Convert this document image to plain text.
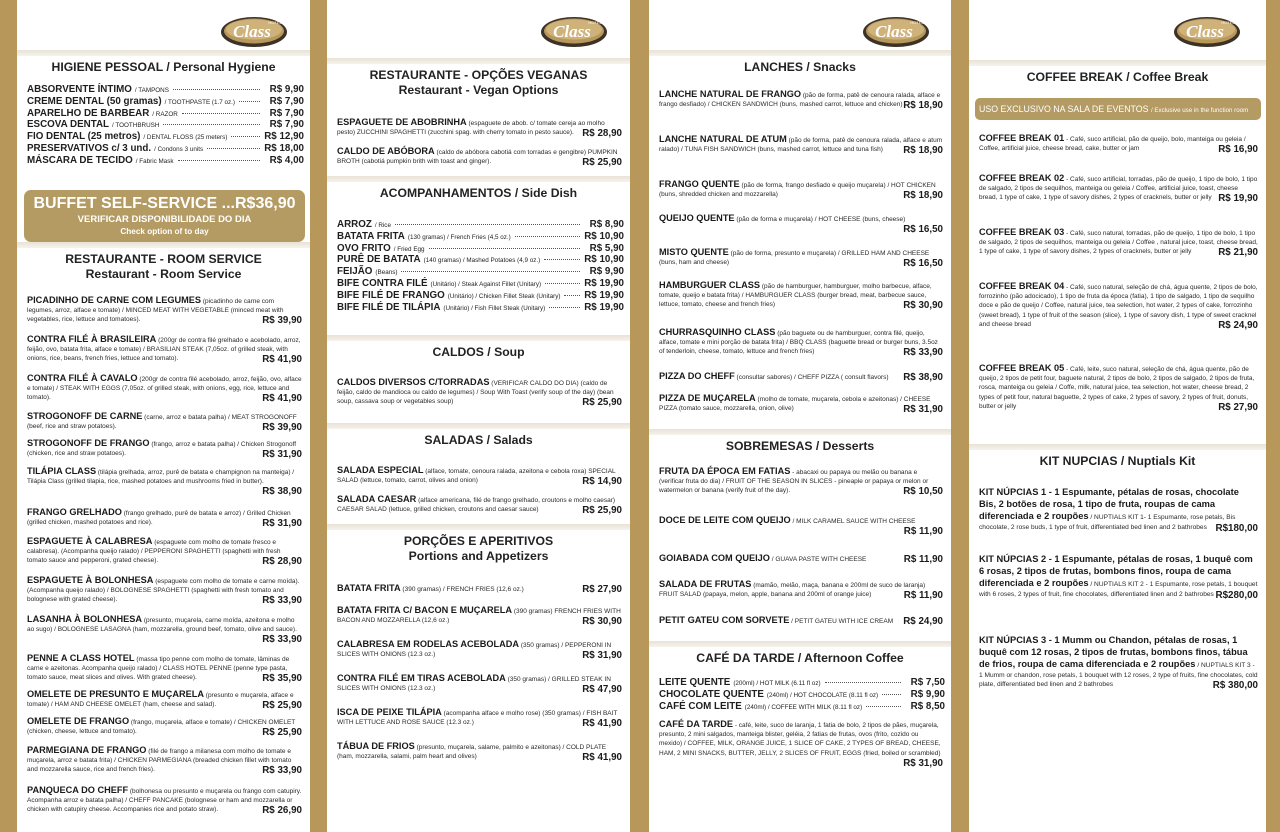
Class
HOTEL
HIGIENE PESSOAL / Personal Hygiene
ABSORVENTE ÍNTIMO / TAMPONS	R$ 9,90
CREME DENTAL (50 gramas) / TOOTHPASTE (1.7 oz.)	R$ 7,90
APARELHO DE BARBEAR / RAZOR	R$ 7,90
ESCOVA DENTAL / TOOTHBRUSH	R$ 7,90
FIO DENTAL (25 metros) / DENTAL FLOSS (25 meters)	R$ 12,90
PRESERVATIVOS c/ 3 und. / Condons 3 units	R$ 18,00
MÁSCARA DE TECIDO / Fabric Mask	R$ 4,00
BUFFET SELF-SERVICE ...R$36,90
VERIFICAR DISPONIBILIDADE DO DIA
Check option of to day
RESTAURANTE - ROOM SERVICE
Restaurant - Room Service
PICADINHO DE CARNE COM LEGUMES (picadinho de carne com legumes, arroz, alface e tomate) / MINCED MEAT WITH VEGETABLE (minced meat with vegetables, rice, lettuce and tomatoes).	R$ 39,90
CONTRA FILÉ À BRASILEIRA (200gr de contra filé grelhado e acebolado, arroz, feijão, ovo, batata frita, alface e tomate) / BRASILIAN STEAK (7,05oz. of grilled steak, with onions, rice, beans, french fries, lettuce and tomato).	R$ 41,90
CONTRA FILÉ À CAVALO (200gr de contra filé acebolado, arroz, feijão, ovo, alface e tomate) / STEAK WITH EGGS (7,05oz. of grilled steak, with onions, egg, rice, lettuce and tomato).	R$ 41,90
STROGONOFF DE CARNE (carne, arroz e batata palha) / MEAT STROGONOFF (beef, rice and straw potatoes).	R$ 39,90
STROGONOFF DE FRANGO (frango, arroz e batata palha) / Chicken Strogonoff (chicken, rice and straw potatoes).	R$ 31,90
TILÁPIA CLASS (tilápia grelhada, arroz, purê de batata e champignon na manteiga) / Tilápia Class (grilled tilapia, rice, mashed potatoes and mushrooms fried in butter).
R$ 38,90
FRANGO GRELHADO (frango grelhado, purê de batata e arroz) / Grilled Chicken (grilled chicken, mashed potatoes and rice).	R$ 31,90
ESPAGUETE À CALABRESA (espaguete com molho de tomate fresco e calabresa). (Acompanha queijo ralado) / PEPPERONI SPAGHETTI (spaghetti with fresh tomato sauce and pepperoni, grated cheese).	R$ 28,90
ESPAGUETE À BOLONHESA (espaguete com molho de tomate e carne moída). (Acompanha queijo ralado) / BOLOGNESE SPAGHETTI (spaghetti with fresh tomato and bolognese with grated cheese).	R$ 33,90
LASANHA À BOLONHESA (presunto, muçarela, carne moída, azeitona e molho ao sugo) / BOLOGNESE LASAGNA (ham, mozzarella, ground beef, tomato, olive and sauce).
R$ 33,90
PENNE A CLASS HOTEL (massa tipo penne com molho de tomate, lâminas de carne e azeitonas. Acompanha queijo ralado) / CLASS HOTEL PENNE (penne type pasta, tomato sauce, meat slices and olives. With grated cheese).	R$ 35,90
OMELETE DE PRESUNTO E MUÇARELA (presunto e muçarela, alface e tomate) / HAM AND CHEESE OMELET (ham, cheese and salad).	R$ 25,90
OMELETE DE FRANGO (frango, muçarela, alface e tomate) / CHICKEN OMELET (chicken, cheese, lettuce and tomato).	R$ 25,90
PARMEGIANA DE FRANGO (filé de frango a milanesa com molho de tomate e muçarela, arroz e batata frita) / CHICKEN PARMEGIANA (breaded chicken fillet with tomato and mozzarella sauce, rice and french fries).	R$ 33,90
PANQUECA DO CHEFF (bolhonesa ou presunto e muçarela ou frango com catupiry. Acompanha arroz e batata palha) / CHEFF PANCAKE (bolognese or ham and mozzarella or chicken with catupiry cheese. Accompanies rice and potato straw).	R$ 26,90
Class
HOTEL
RESTAURANTE - OPÇÕES VEGANAS
Restaurant - Vegan Options
ESPAGUETE DE ABOBRINHA (espaguete de abob. c/ tomate cereja ao molho pesto) ZUCCHINI SPAGHETTI (zucchini spag. with cherry tomato in pesto sauce). R$ 28,90
CALDO DE ABÓBORA (caldo de abóbora cabotiá com torradas e gengibre) PUMPKIN BROTH (cabotiá pumpkin brith with toast and ginger).	R$ 25,90
ACOMPANHAMENTOS / Side Dish
ARROZ / Rice	R$ 8,90
BATATA FRITA (130 gramas) / French Fries (4,5 oz.)	R$ 10,90
OVO FRITO / Fried Egg	R$ 5,90
PURÊ DE BATATA (140 gramas) / Mashed Potatoes (4,9 oz.)	R$ 10,90
FEIJÃO (Beans)	R$ 9,90
BIFE CONTRA FILÉ (Unitário) / Steak Against Fillet (Unitary)	R$ 19,90
BIFE FILÉ DE FRANGO (Unitário) / Chicken Fillet Steak (Unitary) R$ 19,90
BIFE FILÉ DE TILÁPIA (Unitário) / Fish Fillet Steak (Unitary)	R$ 19,90
CALDOS / Soup
CALDOS DIVERSOS C/TORRADAS (VERIFICAR CALDO DO DIA) (caldo de feijão, caldo de mandioca ou caldo de legumes) / Soup With Toast (verify soup of the day) (bean soup, cassava soup or vegetables soup)	R$ 25,90
SALADAS / Salads
SALADA ESPECIAL (alface, tomate, cenoura ralada, azeitona e cebola roxa) SPECIAL SALAD (lettuce, tomato, carrot, olives and onion)	R$ 14,90
SALADA CAESAR (alface americana, filé de frango grelhado, croutons e molho caesar) CAESAR SALAD (lettuce, grilled chicken, croutons and caesar sauce)	R$ 25,90
PORÇÕES E APERITIVOS
Portions and Appetizers
BATATA FRITA (390 gramas) / FRENCH FRIES (12,6 oz.)	R$ 27,90
BATATA FRITA C/ BACON E MUÇARELA (390 gramas) FRENCH FRIES WITH BACON AND MOZZARELLA (12,6 oz.)	R$ 30,90
CALABRESA EM RODELAS ACEBOLADA (350 gramas) / PEPPERONI IN SLICES WITH ONIONS (12.3 oz.)	R$ 31,90
CONTRA FILÉ EM TIRAS ACEBOLADA (350 gramas) / GRILLED STEAK IN SLICES WITH ONIONS (12.3 oz.)	R$ 47,90
ISCA DE PEIXE TILÁPIA (acompanha alface e molho rose) (350 gramas) / FISH BAIT WITH LETTUCE AND ROSE SAUCE (12.3 oz.)	R$ 41,90
TÁBUA DE FRIOS (presunto, muçarela, salame, palmito e azeitonas) / COLD PLATE (ham, mozzarella, salami, palm heart and olives)	R$ 41,90
Class
HOTEL
LANCHES / Snacks
LANCHE NATURAL DE FRANGO (pão de forma, patê de cenoura ralada, alface e frango desfiado) / CHICKEN SANDWICH (buns, mashed carrot, lettuce and chicken) R$ 18,90
LANCHE NATURAL DE ATUM (pão de forma, patê de cenoura ralada, alface e atum ralado) / TUNA FISH SANDWICH (buns, mashed carrot, lettuce and tuna fish) R$ 18,90
FRANGO QUENTE (pão de forma, frango desfiado e queijo muçarela) / HOT CHICKEN (buns, shredded chicken and mozzarella)	R$ 18,90
QUEIJO QUENTE (pão de forma e muçarela) / HOT CHEESE (buns, cheese)
R$ 16,50
MISTO QUENTE (pão de forma, presunto e muçarela) / GRILLED HAM AND CHEESE (buns, ham and cheese)	R$ 16,50
HAMBURGUER CLASS (pão de hamburguer, hamburguer, molho barbecue, alface, tomate, queijo e batata frita) / HAMBURGUER CLASS (burger bread, meat, barbecue sauce, lettuce, tomato, cheese and french fries)	R$ 30,90
CHURRASQUINHO CLASS (pão baguete ou de hamburguer, contra filé, queijo, alface, tomate e mini porção de batata frita) / BBQ CLASS (baguette bread or burger buns, 3.5oz of tenderloin, cheese, tomato, lettuce and french fries)	R$ 33,90
PIZZA DO CHEFF (consultar sabores) / CHEFF PIZZA ( consult flavors) R$ 38,90
PIZZA DE MUÇARELA (molho de tomate, muçarela, cebola e azeitonas) / CHEESE PIZZA (tomato sauce, mozzarella, onion, olive)	R$ 31,90
SOBREMESAS / Desserts
FRUTA DA ÉPOCA EM FATIAS - abacaxi ou papaya ou melão ou banana e (verificar fruta do dia) / FRUIT OF THE SEASON IN SLICES - pineaple or papaya or melon or watermelon or banana (verify fruit of the day).	R$ 10,50
DOCE DE LEITE COM QUEIJO / MILK CARAMEL SAUCE WITH CHEESE
R$ 11,90
GOIABADA COM QUEIJO / GUAVA PASTE WITH CHEESE	R$ 11,90
SALADA DE FRUTAS (mamão, melão, maça, banana e 200ml de suco de laranja) FRUIT SALAD (papaya, melon, apple, banana and 200ml of orange juice)	R$ 11,90
PETIT GATEU COM SORVETE / PETIT GATEU WITH ICE CREAM R$ 24,90
CAFÉ DA TARDE / Afternoon Coffee
LEITE QUENTE (200ml) / HOT MILK (6.11 fl oz)	R$ 7,50
CHOCOLATE QUENTE (240ml) / HOT CHOCOLATE (8.11 fl oz)	R$ 9,90
CAFÉ COM LEITE (240ml) / COFFEE WITH MILK (8.11 fl oz)	R$ 8,50
CAFÉ DA TARDE - café, leite, suco de laranja, 1 fatia de bolo, 2 tipos de pães, muçarela, presunto, 2 mini salgados, manteiga blister, geléia, 2 fatias de frutas, ovos (frito, cozido ou mexido) / COFFEE, MILK, ORANGE JUICE, 1 SLICE OF CAKE, 2 TYPES OF BREAD, CHEESE, HAM, 2 MINI SNACKS, BUTTER, JELLY, 2 SLICES OF FRUIT, EGGS (fried, boiled or scrambled)
R$ 31,90
Class
HOTEL
COFFEE BREAK / Coffee Break
USO EXCLUSIVO NA SALA DE EVENTOS / Exclusive use in the function room
COFFEE BREAK 01 - Café, suco artificial, pão de queijo, bolo, manteiga ou geleia / Coffee, artificial juice, cheese bread, cake, butter or jam	R$ 16,90
COFFEE BREAK 02 - Café, suco artificial, torradas, pão de queijo, 1 tipo de bolo, 1 tipo de salgado, 2 tipos de sequilhos, manteiga ou geleia / Coffee, artificial juice, toast, cheese bread, 1 type of cake, 1 type of savory dishes, 2 types of cracknels, butter or jelly R$ 19,90
COFFEE BREAK 03 - Café, suco natural, torradas, pão de queijo, 1 tipo de bolo, 1 tipo de salgado, 2 tipos de sequilhos, manteiga ou geleia / Coffee , natural juice, toast, cheese bread, 1 type of cake, 1 type of savory dishes, 2 types of cracknels, butter or jelly	R$ 21,90
COFFEE BREAK 04 - Café, suco natural, seleção de chá, água quente, 2 tipos de bolo, forrozinho (pão adocicado), 1 tipo de fruta da época (fatia), 1 tipo de salgado, 1 tipo de sequilho doce e pão de queijo / Coffee, natural juice, tea selection, hot water, 2 types of cake, forrozinho (sweet bread), 1 type of fruit of the season (slice), 1 type of savory dish, 1 type of sweet cracknel and cheese bread	R$ 24,90
COFFEE BREAK 05 - Café, leite, suco natural, seleção de chá, água quente, pão de queijo, 2 tipos de petit four, baguete natural, 2 tipos de bolo, 2 tipos de salgado, 2 tipos de fruta, rosca, manteiga ou geleia / Coffe, milk, natural juice, tea selection, hot water, cheese bread, 2 types of petit four, natural baguette, 2 types of cake, 2 types of savory, 2 types of fruit, donuts, butter or jelly	R$ 27,90
KIT NUPCIAS / Nuptials Kit
KIT NÚPCIAS 1 - 1 Espumante, pétalas de rosas, chocolate Bis, 2 botões de rosa, 1 tipo de fruta, roupas de cama diferenciada e 2 roupões / NUPTIALS KIT 1- 1 Espumante, rose petals, Bis chocolate, 2 rose buds, 1 type of fruit, differentiated bed linen and 2 bathrobes R$180,00
KIT NÚPCIAS 2 - 1 Espumante, pétalas de rosas, 1 buquê com 6 rosas, 2 tipos de frutas, bombons finos, roupa de cama diferenciada e 2 roupões / NUPTIALS KIT 2 - 1 Espumante, rose petals, 1 bouquet with 6 roses, 2 types of fruit, fine chocolates, differentiated linen and 2 bathrobes R$280,00
KIT NÚPCIAS 3 - 1 Mumm ou Chandon, pétalas de rosas, 1 buquê com 12 rosas, 2 tipos de frutas, bombons finos, tábua de frios, roupa de cama diferenciada e 2 roupões / NUPTIALS KIT 3 - 1 Mumm or chandon, rose petals, 1 bouquet with 12 roses, 2 type of fruits, fine chocolates, cold plate, differentiated bed linen and 2 bathrobes	R$ 380,00
